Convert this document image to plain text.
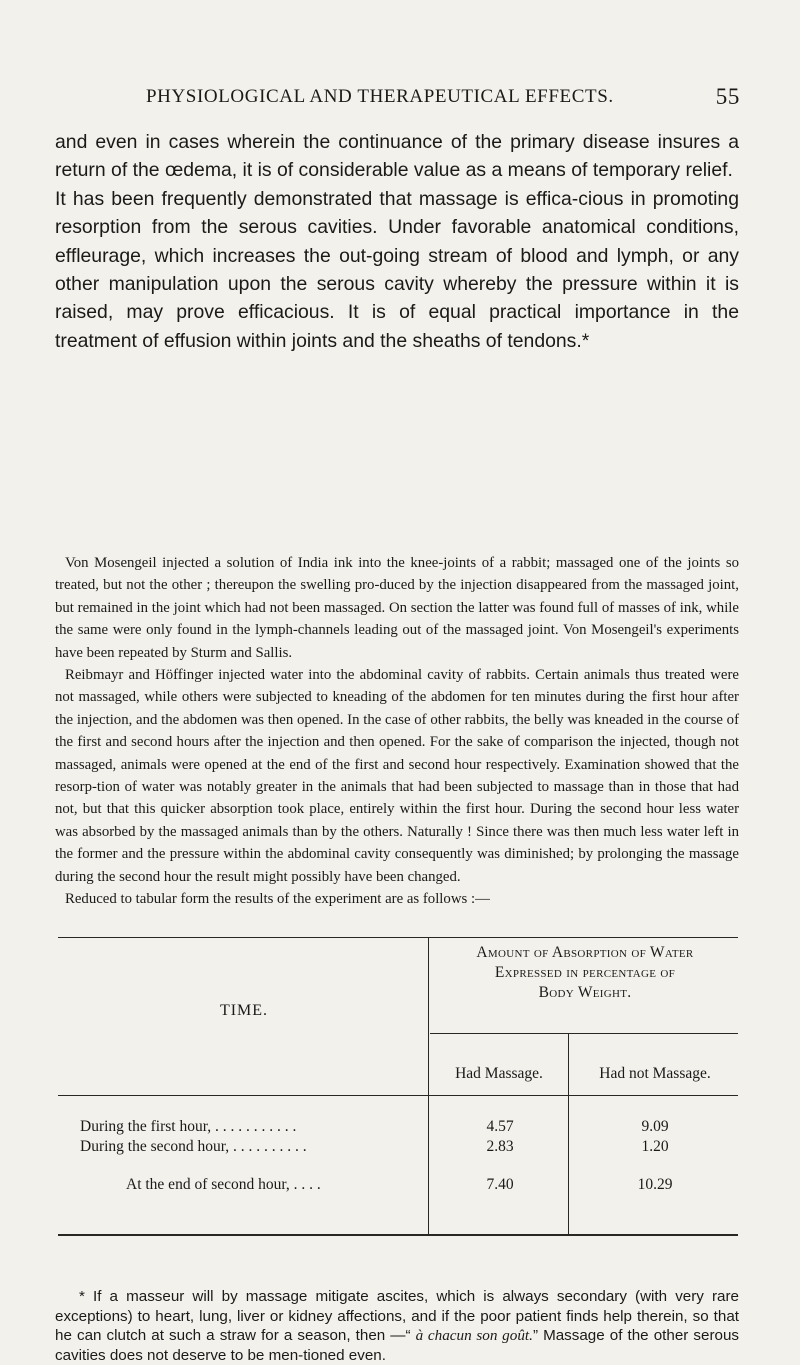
PHYSIOLOGICAL AND THERAPEUTICAL EFFECTS.	55

and even in cases wherein the continuance of the primary disease insures a return of the œdema, it is of considerable value as a means of temporary relief.

It has been frequently demonstrated that massage is effica-cious in promoting resorption from the serous cavities. Under favorable anatomical conditions, effleurage, which increases the out-going stream of blood and lymph, or any other manipulation upon the serous cavity whereby the pressure within it is raised, may prove efficacious. It is of equal practical importance in the treatment of effusion within joints and the sheaths of tendons.*

Von Mosengeil injected a solution of India ink into the knee-joints of a rabbit; massaged one of the joints so treated, but not the other ; thereupon the swelling pro-duced by the injection disappeared from the massaged joint, but remained in the joint which had not been massaged. On section the latter was found full of masses of ink, while the same were only found in the lymph-channels leading out of the massaged joint. Von Mosengeil's experiments have been repeated by Sturm and Sallis.

Reibmayr and Höffinger injected water into the abdominal cavity of rabbits. Certain animals thus treated were not massaged, while others were subjected to kneading of the abdomen for ten minutes during the first hour after the injection, and the abdomen was then opened. In the case of other rabbits, the belly was kneaded in the course of the first and second hours after the injection and then opened. For the sake of comparison the injected, though not massaged, animals were opened at the end of the first and second hour respectively. Examination showed that the resorp-tion of water was notably greater in the animals that had been subjected to massage than in those that had not, but that this quicker absorption took place, entirely within the first hour. During the second hour less water was absorbed by the massaged animals than by the others. Naturally ! Since there was then much less water left in the former and the pressure within the abdominal cavity consequently was diminished; by prolonging the massage during the second hour the result might possibly have been changed.

Reduced to tabular form the results of the experiment are as follows :—

Amount of Absorption of Water
Expressed in percentage of
Body Weight.
TIME.
Had Massage.	Had not Massage.
During the first hour, . . . . . . . . . . .	4.57	9.09
During the second hour, . . . . . . . . . .	2.83	1.20
At the end of second hour, . . . .	7.40	10.29

* If a masseur will by massage mitigate ascites, which is always secondary (with very rare exceptions) to heart, lung, liver or kidney affections, and if the poor patient finds help therein, so that he can clutch at such a straw for a season, then —“ à chacun son goût.” Massage of the other serous cavities does not deserve to be men-tioned even.
